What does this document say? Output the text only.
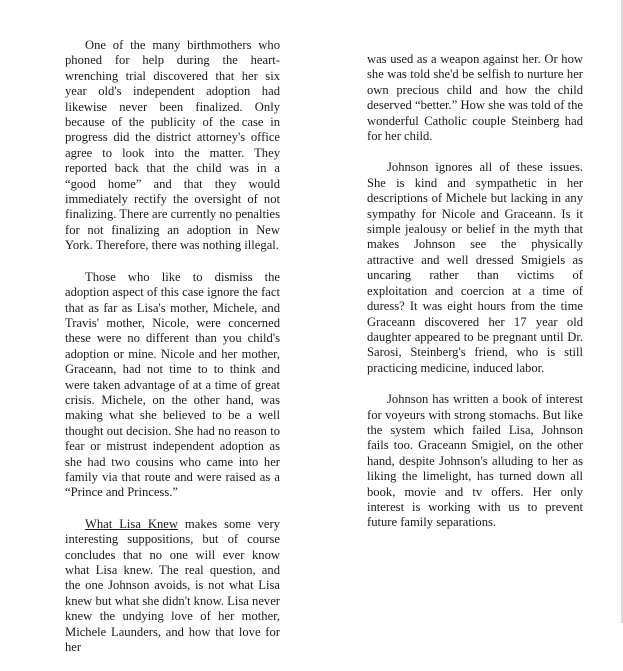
One of the many birthmothers who phoned for help during the heart-wrenching trial discovered that her six year old's independent adoption had likewise never been finalized. Only because of the publicity of the case in progress did the district attorney's office agree to look into the matter. They reported back that the child was in a “good home” and that they would immediately rectify the oversight of not finalizing. There are currently no penalties for not finalizing an adoption in New York. Therefore, there was nothing illegal.

Those who like to dismiss the adoption aspect of this case ignore the fact that as far as Lisa's mother, Michele, and Travis' mother, Nicole, were concerned these were no different than you child's adoption or mine. Nicole and her mother, Graceann, had not time to to think and were taken advantage of at a time of great crisis. Michele, on the other hand, was making what she believed to be a well thought out decision. She had no reason to fear or mistrust independent adoption as she had two cousins who came into her family via that route and were raised as a “Prince and Princess.”

What Lisa Knew makes some very interesting suppositions, but of course concludes that no one will ever know what Lisa knew. The real question, and the one Johnson avoids, is not what Lisa knew but what she didn't know. Lisa never knew the undying love of her mother, Michele Launders, and how that love for her

was used as a weapon against her. Or how she was told she'd be selfish to nurture her own precious child and how the child deserved “better.” How she was told of the wonderful Catholic couple Steinberg had for her child.

Johnson ignores all of these issues. She is kind and sympathetic in her descriptions of Michele but lacking in any sympathy for Nicole and Graceann. Is it simple jealousy or belief in the myth that makes Johnson see the physically attractive and well dressed Smigiels as uncaring rather than victims of exploitation and coercion at a time of duress? It was eight hours from the time Graceann discovered her 17 year old daughter appeared to be pregnant until Dr. Sarosi, Steinberg's friend, who is still practicing medicine, induced labor.

Johnson has written a book of interest for voyeurs with strong stomachs. But like the system which failed Lisa, Johnson fails too. Graceann Smigiel, on the other hand, despite Johnson's alluding to her as liking the limelight, has turned down all book, movie and tv offers. Her only interest is working with us to prevent future family separations.
